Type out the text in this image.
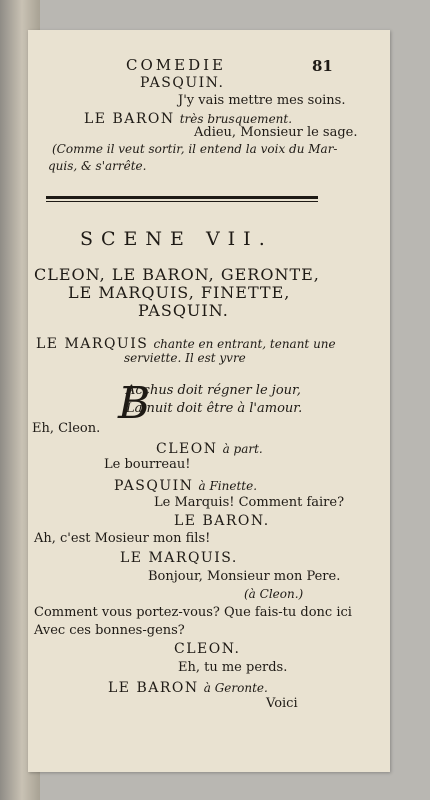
COMEDIE	81
PASQUIN.
J'y vais mettre mes soins.
LE BARON très brusquement.
Adieu, Monsieur le sage.
(Comme il veut sortir, il entend la voix du Mar-
quis, & s'arrête.
SCENE VII.
CLEON, LE BARON, GERONTE,
LE MARQUIS, FINETTE,
PASQUIN.
LE MARQUIS chante en entrant, tenant une
serviette. Il est yvre
B
Acchus doit régner le jour,
La nuit doit être à l'amour.
Eh, Cleon.
CLEON à part.
Le bourreau!
PASQUIN à Finette.
Le Marquis! Comment faire?
LE BARON.
Ah, c'est Mosieur mon fils!
LE MARQUIS.
Bonjour, Monsieur mon Pere.
(à Cleon.)
Comment vous portez-vous? Que fais-tu donc ici
Avec ces bonnes-gens?
CLEON.
Eh, tu me perds.
LE BARON à Geronte.
Voici
